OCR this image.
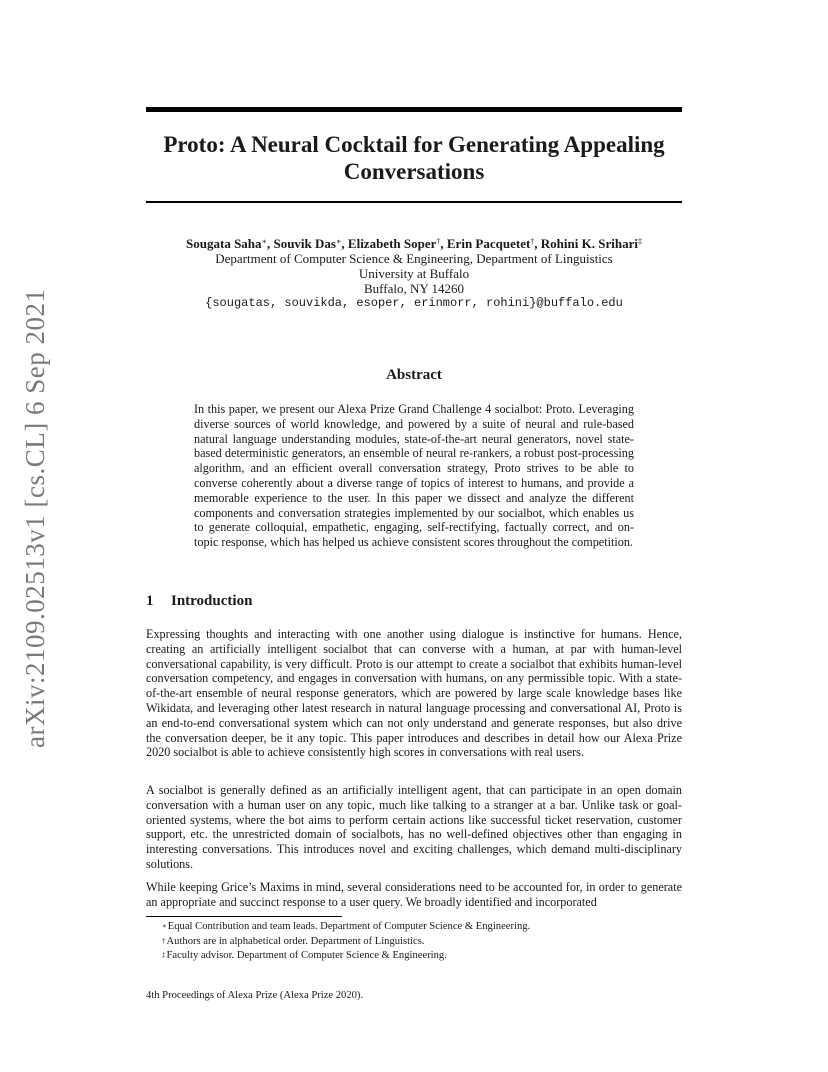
arXiv:2109.02513v1 [cs.CL] 6 Sep 2021
Proto: A Neural Cocktail for Generating Appealing
Conversations
Sougata Saha∗, Souvik Das∗, Elizabeth Soper†, Erin Pacquetet†, Rohini K. Srihari‡
Department of Computer Science & Engineering, Department of Linguistics
University at Buffalo
Buffalo, NY 14260
{sougatas, souvikda, esoper, erinmorr, rohini}@buffalo.edu
Abstract

In this paper, we present our Alexa Prize Grand Challenge 4 socialbot: Proto. Leveraging diverse sources of world knowledge, and powered by a suite of neural and rule-based natural language understanding modules, state-of-the-art neural generators, novel state-based deterministic generators, an ensemble of neural re-rankers, a robust post-processing algorithm, and an efficient overall conversation strategy, Proto strives to be able to converse coherently about a diverse range of topics of interest to humans, and provide a memorable experience to the user. In this paper we dissect and analyze the different components and conversation strategies implemented by our socialbot, which enables us to generate colloquial, empathetic, engaging, self-rectifying, factually correct, and on-topic response, which has helped us achieve consistent scores throughout the competition.

1 Introduction

Expressing thoughts and interacting with one another using dialogue is instinctive for humans. Hence, creating an artificially intelligent socialbot that can converse with a human, at par with human-level conversational capability, is very difficult. Proto is our attempt to create a socialbot that exhibits human-level conversation competency, and engages in conversation with humans, on any permissible topic. With a state-of-the-art ensemble of neural response generators, which are powered by large scale knowledge bases like Wikidata, and leveraging other latest research in natural language processing and conversational AI, Proto is an end-to-end conversational system which can not only understand and generate responses, but also drive the conversation deeper, be it any topic. This paper introduces and describes in detail how our Alexa Prize 2020 socialbot is able to achieve consistently high scores in conversations with real users.

A socialbot is generally defined as an artificially intelligent agent, that can participate in an open domain conversation with a human user on any topic, much like talking to a stranger at a bar. Unlike task or goal-oriented systems, where the bot aims to perform certain actions like successful ticket reservation, customer support, etc. the unrestricted domain of socialbots, has no well-defined objectives other than engaging in interesting conversations. This introduces novel and exciting challenges, which demand multi-disciplinary solutions.

While keeping Grice’s Maxims in mind, several considerations need to be accounted for, in order to generate an appropriate and succinct response to a user query. We broadly identified and incorporated

∗Equal Contribution and team leads. Department of Computer Science & Engineering.
†Authors are in alphabetical order. Department of Linguistics.
‡Faculty advisor. Department of Computer Science & Engineering.
4th Proceedings of Alexa Prize (Alexa Prize 2020).
